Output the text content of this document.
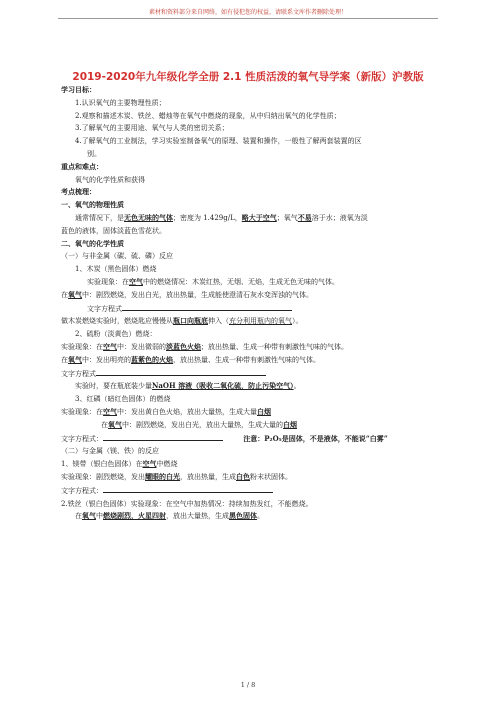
素材和资料部分来自网络，如有侵犯您的权益，请联系文库作者删除处理！
2019-2020年九年级化学全册 2.1 性质活泼的氧气导学案（新版）沪教版
学习目标：
1.认识氧气的主要物理性质；
2.观察和描述木炭、铁丝、蜡烛等在氧气中燃烧的现象，从中归纳出氧气的化学性质；
3.了解氧气的主要用途、氧气与人类的密切关系；
4.了解氧气的工业制法，学习实验室制备氧气的原理、装置和操作，一般性了解两套装置的区
别。
重点和难点：
氧气的化学性质和获得
考点梳理：
一、氧气的物理性质
通常情况下，是无色无味的气体；密度为 1.429g/L，略大于空气；氧气不易溶于水；液氧为淡
蓝色的液体，固体淡蓝色雪花状。
二、氧气的化学性质
（一）与非金属（碳、硫、磷）反应
1、木炭（黑色固体）燃烧
实验现象：在空气中的燃烧情况：木炭红热，无烟、无焰，生成无色无味的气体。
在氧气中：剧烈燃烧，发出白光，放出热量，生成能使澄清石灰水变浑浊的气体。
文字方程式
做木炭燃烧实验时，燃烧匙应慢慢从瓶口向瓶底伸入（充分利用瓶内的氧气）。
2、硫粉（淡黄色）燃烧：
实验现象：在空气中：发出微弱的淡蓝色火焰；放出热量、生成一种带有刺激性气味的气体。
在氧气中：发出明亮的蓝紫色的火焰，放出热量、生成一种带有刺激性气味的气体。
文字方程式
实验时，要在瓶底装少量NaOH 溶液（吸收二氧化硫，防止污染空气）。
3、红磷（暗红色固体）的燃烧
实验现象：在空气中：发出黄白色火焰，放出大量热，生成大量白烟
在氧气中：剧烈燃烧，发出白光，放出大量热，生成大量的白烟
文字方程式：	注意：P₂O₅是固体，不是液体，不能说“白雾”
（二）与金属（镁、铁）的反应
1、镁带（银白色固体）在空气中燃烧
实验现象：剧烈燃烧，发出耀眼的白光，放出热量，生成白色粉末状固体。
文字方程式：
2.铁丝（银白色固体）实验现象：在空气中加热情况：持续加热发红，不能燃烧。
在氧气中燃烧剧烈，火星四射，放出大量热，生成黑色固体。
1 / 8
